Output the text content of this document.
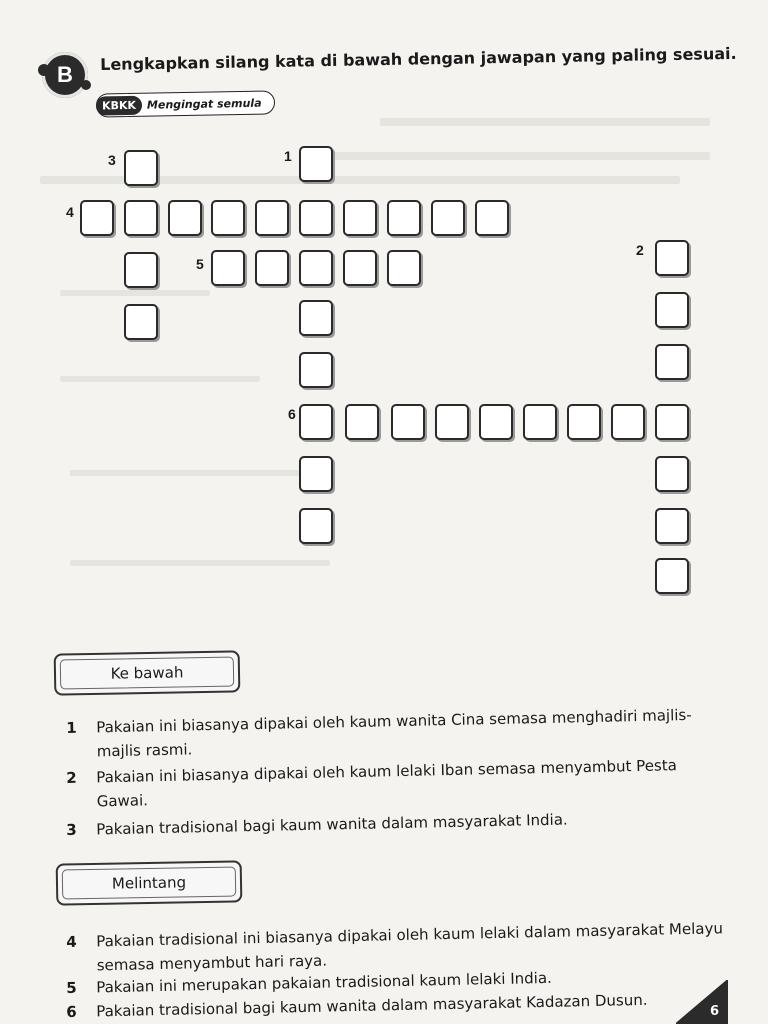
B
Lengkapkan silang kata di bawah dengan jawapan yang paling sesuai.
KBKK Mengingat semula
3	1
4
2
5
6
Ke bawah
1	Pakaian ini biasanya dipakai oleh kaum wanita Cina semasa menghadiri majlis-majlis rasmi.
2	Pakaian ini biasanya dipakai oleh kaum lelaki Iban semasa menyambut Pesta Gawai.
3	Pakaian tradisional bagi kaum wanita dalam masyarakat India.
Melintang
4	Pakaian tradisional ini biasanya dipakai oleh kaum lelaki dalam masyarakat Melayu semasa menyambut hari raya.
5	Pakaian ini merupakan pakaian tradisional kaum lelaki India.
6	Pakaian tradisional bagi kaum wanita dalam masyarakat Kadazan Dusun.	6
